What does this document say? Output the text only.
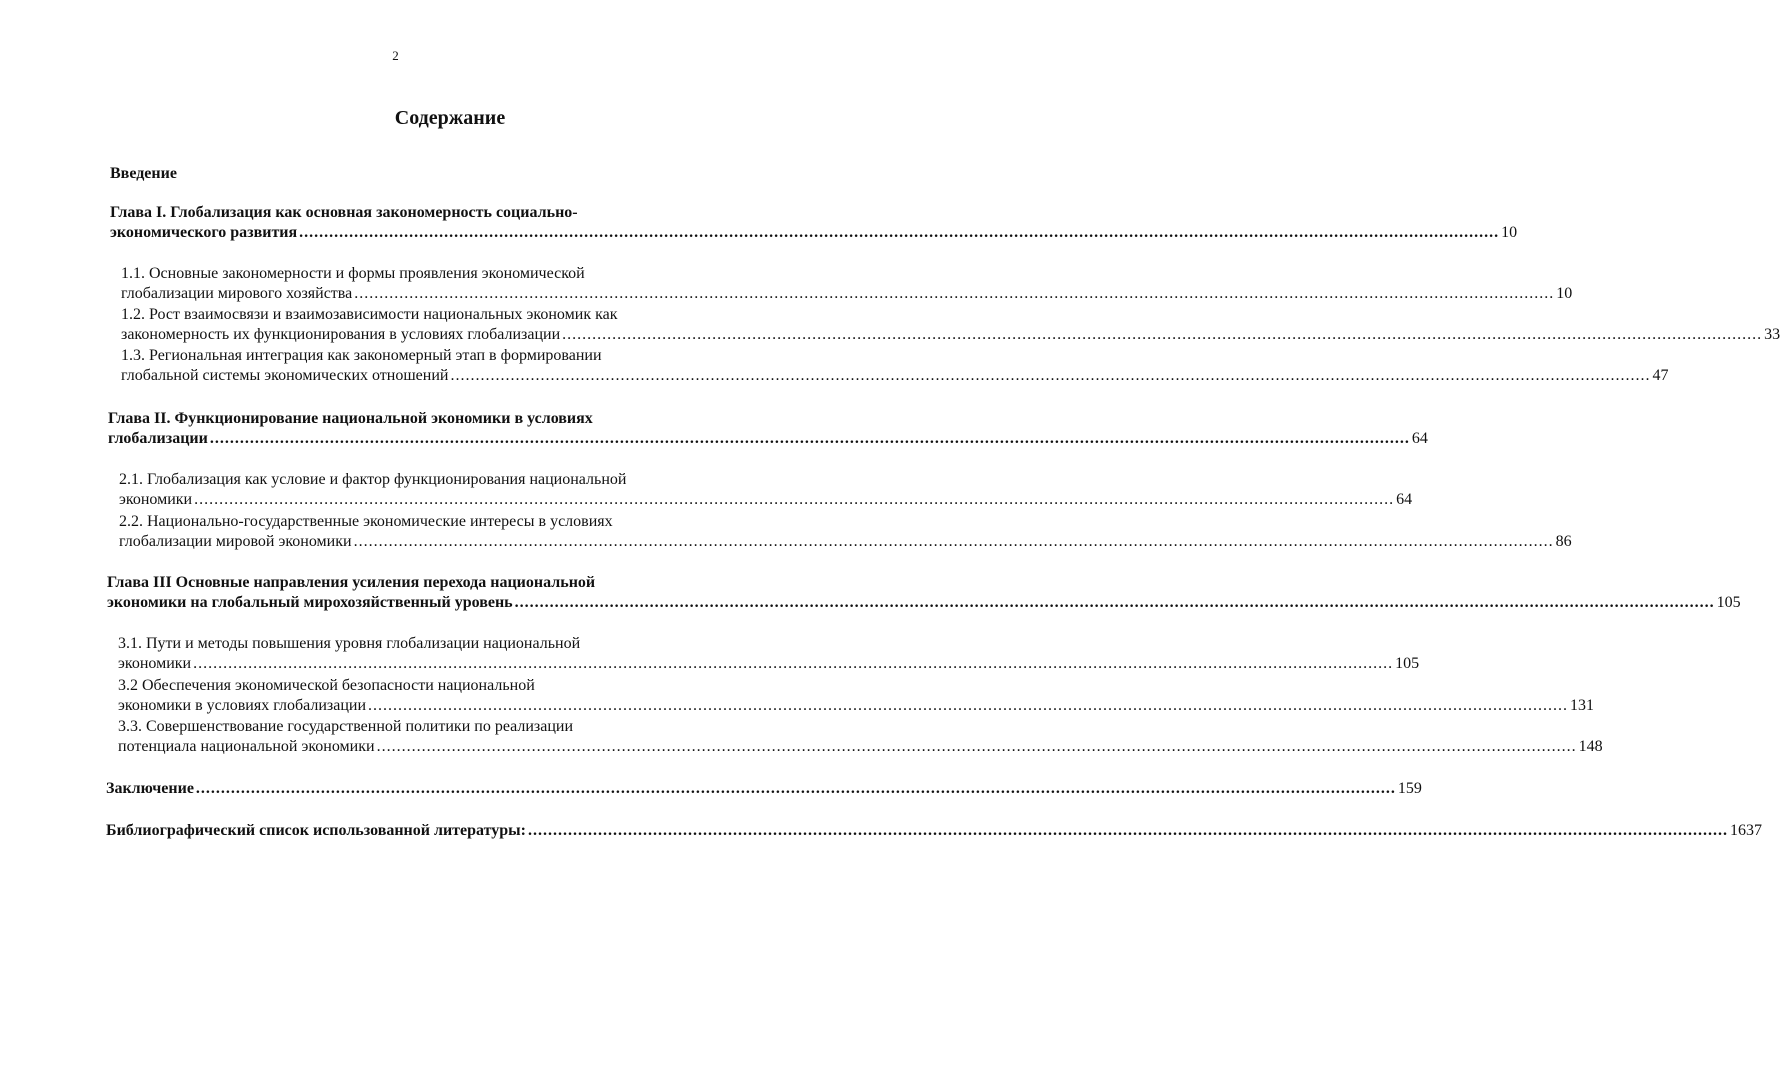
2
Содержание
Введение
Глава I. Глобализация как основная закономерность социально-
экономического развития ................................................................................................................................................................................................................................................ 10
1.1. Основные закономерности и формы проявления экономической
глобализации мирового хозяйства ................................................................................................................................................................................................................................................ 10
1.2. Рост взаимосвязи и взаимозависимости национальных экономик как
закономерность их функционирования в условиях глобализации ................................................................................................................................................................................................................................................ 33
1.3. Региональная интеграция как закономерный этап в формировании
глобальной системы экономических отношений ................................................................................................................................................................................................................................................ 47
Глава II. Функционирование национальной экономики в условиях
глобализации ................................................................................................................................................................................................................................................ 64
2.1. Глобализация как условие и фактор функционирования национальной
экономики ................................................................................................................................................................................................................................................ 64
2.2. Национально-государственные экономические интересы в условиях
глобализации мировой экономики ................................................................................................................................................................................................................................................ 86
Глава III Основные направления усиления перехода национальной
экономики на глобальный мирохозяйственный уровень ................................................................................................................................................................................................................................................ 105
3.1. Пути и методы повышения уровня глобализации национальной
экономики ................................................................................................................................................................................................................................................ 105
3.2 Обеспечения экономической безопасности национальной
экономики в условиях глобализации ................................................................................................................................................................................................................................................ 131
3.3. Совершенствование государственной политики по реализации
потенциала национальной экономики ................................................................................................................................................................................................................................................ 148
Заключение ................................................................................................................................................................................................................................................ 159
Библиографический список использованной литературы: ................................................................................................................................................................................................................................................ 1637
